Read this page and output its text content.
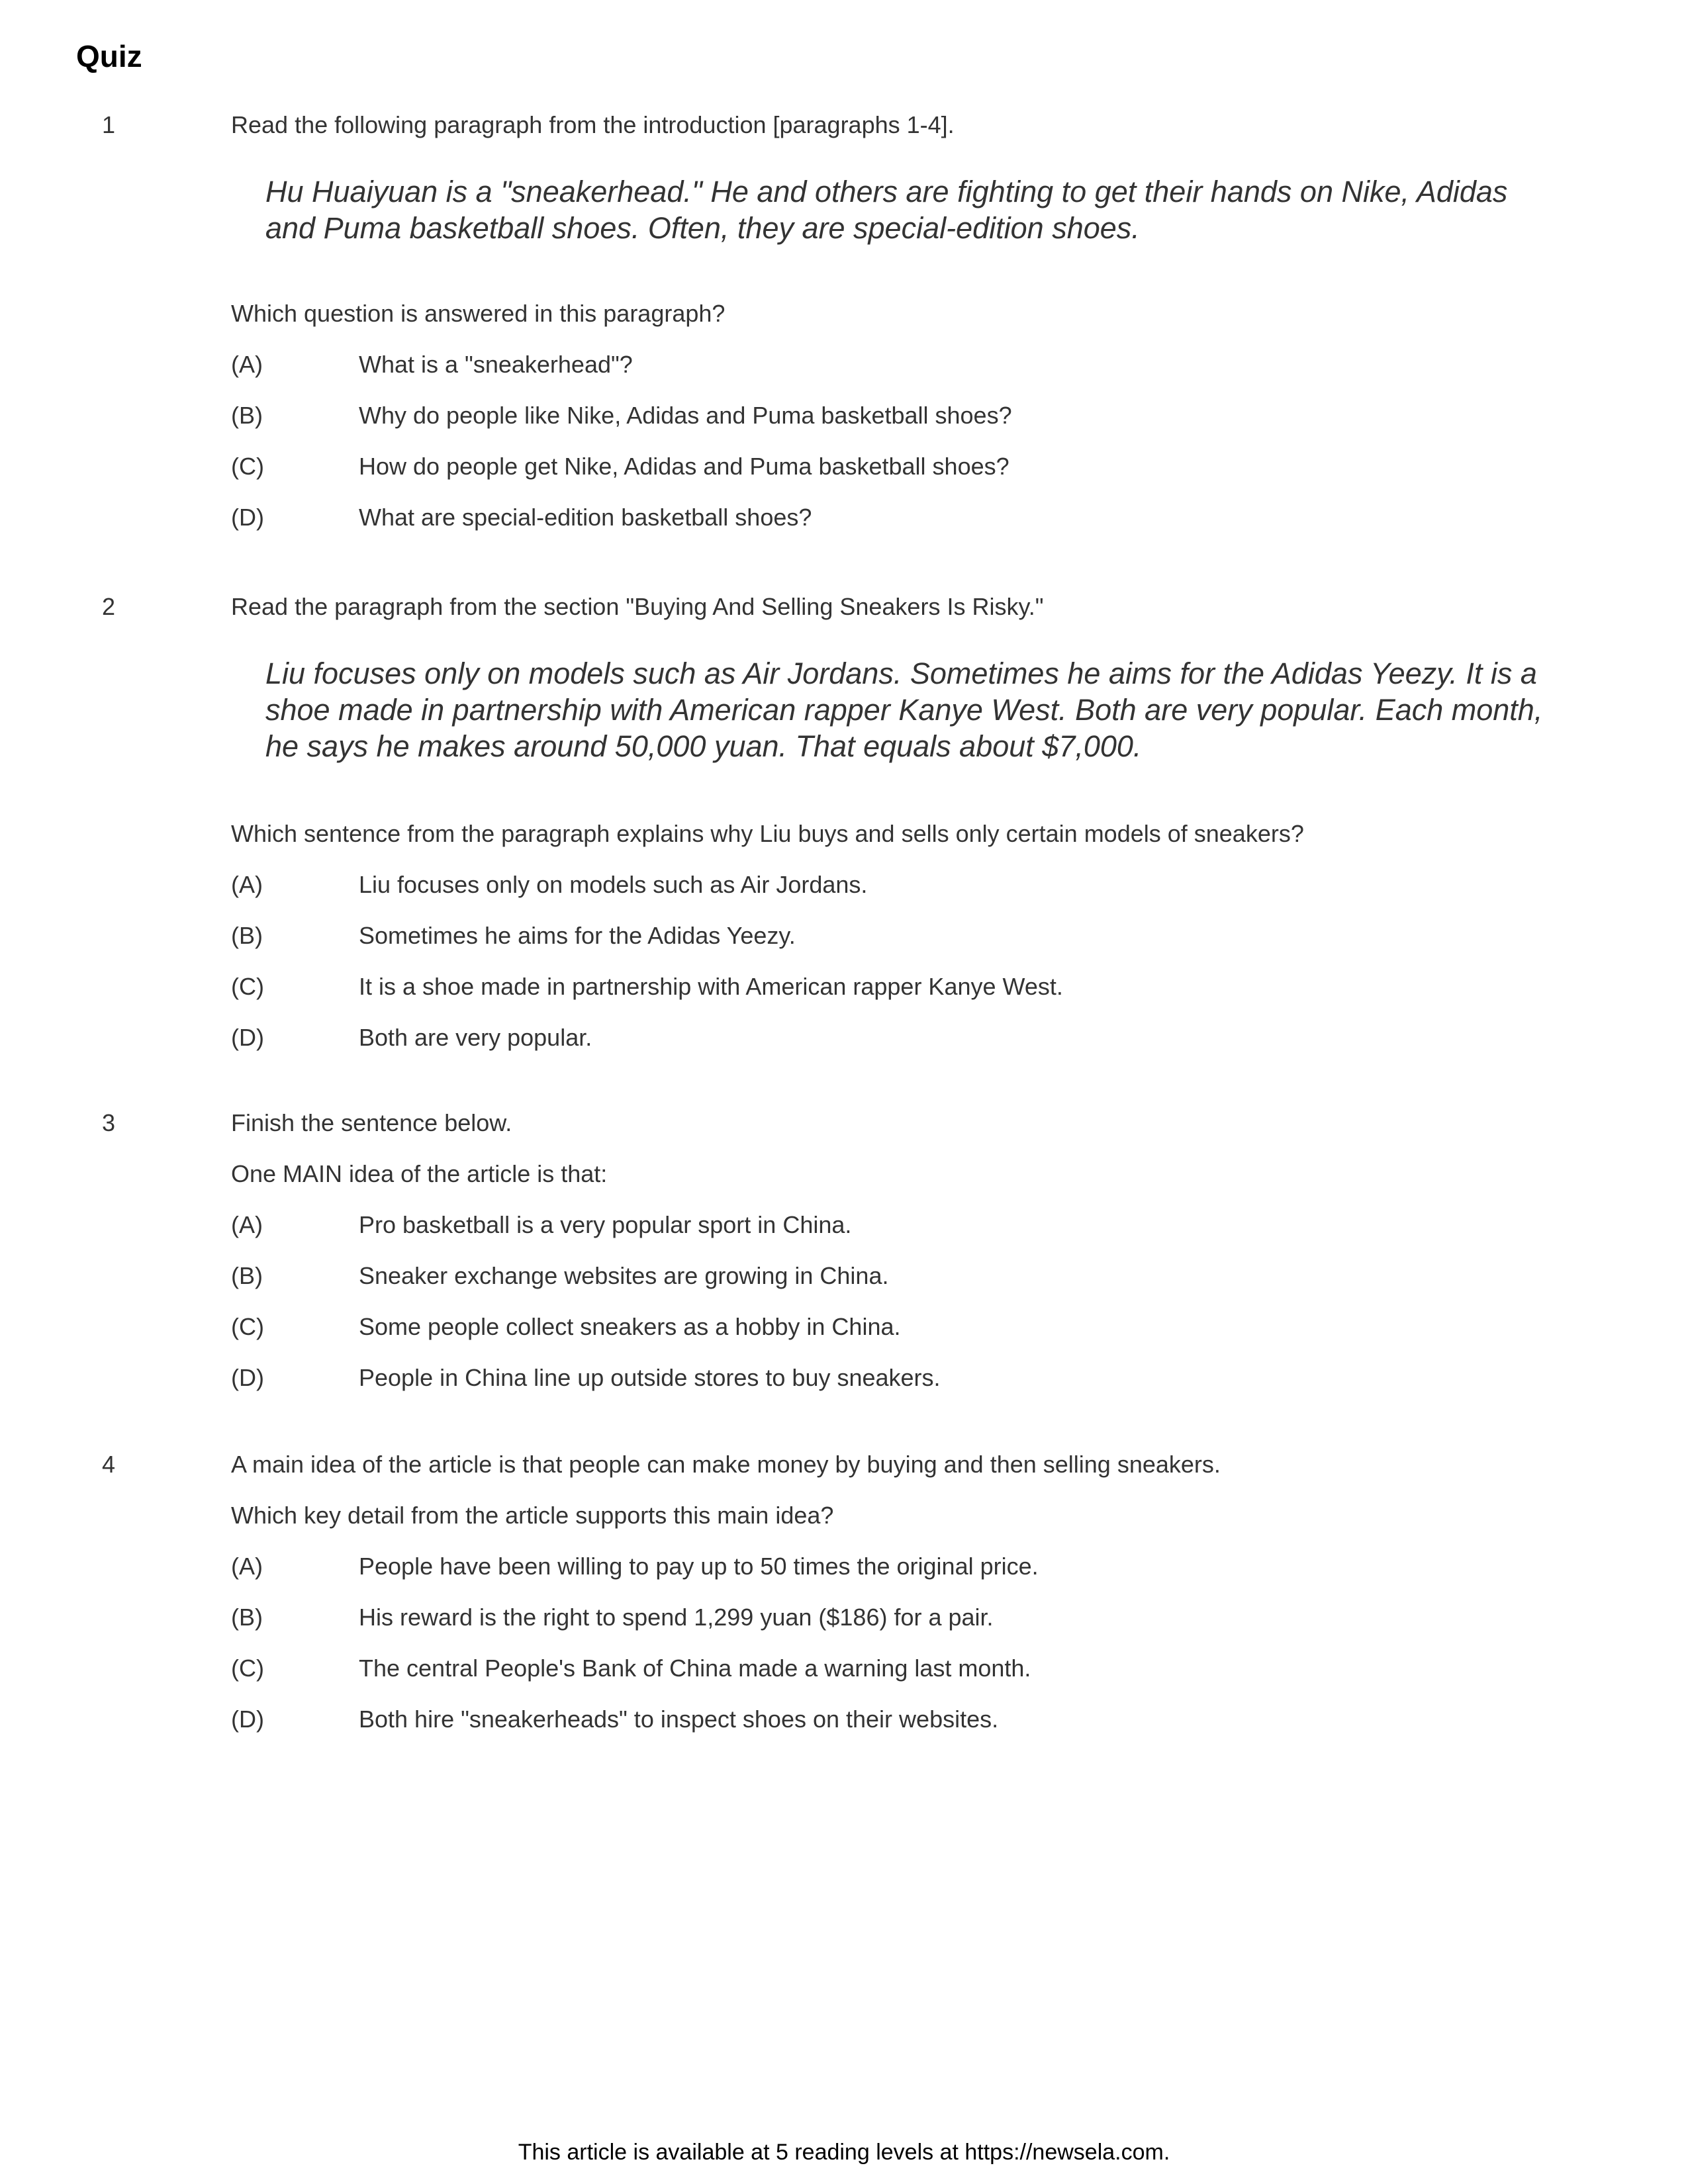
Quiz
1	Read the following paragraph from the introduction [paragraphs 1-4].
Hu Huaiyuan is a "sneakerhead." He and others are fighting to get their hands on Nike, Adidas
and Puma basketball shoes. Often, they are special-edition shoes.
Which question is answered in this paragraph?
(A)	What is a "sneakerhead"?
(B)	Why do people like Nike, Adidas and Puma basketball shoes?
(C)	How do people get Nike, Adidas and Puma basketball shoes?
(D)	What are special-edition basketball shoes?
2	Read the paragraph from the section "Buying And Selling Sneakers Is Risky."
Liu focuses only on models such as Air Jordans. Sometimes he aims for the Adidas Yeezy. It is a
shoe made in partnership with American rapper Kanye West. Both are very popular. Each month,
he says he makes around 50,000 yuan. That equals about $7,000.
Which sentence from the paragraph explains why Liu buys and sells only certain models of sneakers?
(A)	Liu focuses only on models such as Air Jordans.
(B)	Sometimes he aims for the Adidas Yeezy.
(C)	It is a shoe made in partnership with American rapper Kanye West.
(D)	Both are very popular.
3	Finish the sentence below.
One MAIN idea of the article is that:
(A)	Pro basketball is a very popular sport in China.
(B)	Sneaker exchange websites are growing in China.
(C)	Some people collect sneakers as a hobby in China.
(D)	People in China line up outside stores to buy sneakers.
4	A main idea of the article is that people can make money by buying and then selling sneakers.
Which key detail from the article supports this main idea?
(A)	People have been willing to pay up to 50 times the original price.
(B)	His reward is the right to spend 1,299 yuan ($186) for a pair.
(C)	The central People's Bank of China made a warning last month.
(D)	Both hire "sneakerheads" to inspect shoes on their websites.
This article is available at 5 reading levels at https://newsela.com.
